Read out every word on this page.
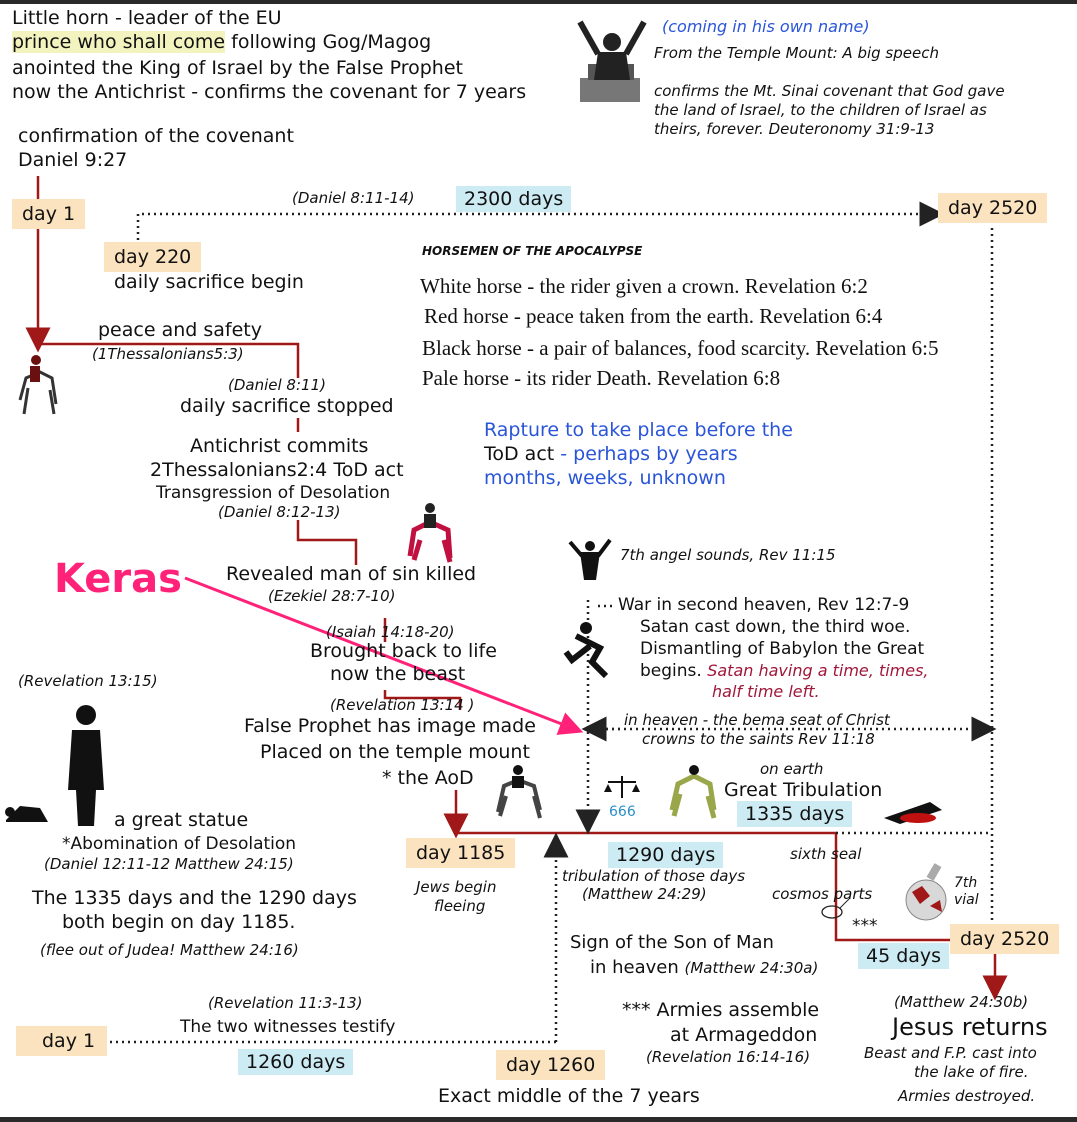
Little horn - leader of the EU
prince who shall come following Gog/Magog
anointed the King of Israel by the False Prophet
now the Antichrist - confirms the covenant for 7 years
(coming in his own name)
From the Temple Mount: A big speech
confirms the Mt. Sinai covenant that God gave
the land of Israel, to the children of Israel as
theirs, forever. Deuteronomy 31:9-13
confirmation of the covenant
Daniel 9:27
day 1
(Daniel 8:11-14)	2300 days	day 2520
day 220
daily sacrifice begin
HORSEMEN OF THE APOCALYPSE
White horse - the rider given a crown. Revelation 6:2
Red horse - peace taken from the earth. Revelation 6:4
Black horse - a pair of balances, food scarcity. Revelation 6:5
Pale horse - its rider Death. Revelation 6:8
peace and safety
(1Thessalonians5:3)
(Daniel 8:11)
daily sacrifice stopped
Antichrist commits
2Thessalonians2:4 ToD act
Transgression of Desolation
(Daniel 8:12-13)
Rapture to take place before the
ToD act - perhaps by years
months, weeks, unknown
7th angel sounds, Rev 11:15
War in second heaven, Rev 12:7-9
Satan cast down, the third woe.
Dismantling of Babylon the Great
begins. Satan having a time, times,
half time left.
in heaven - the bema seat of Christ
crowns to the saints Rev 11:18
Keras Revealed man of sin killed
(Ezekiel 28:7-10)
(Isaiah 14:18-20)
Brought back to life
now the beast
(Revelation 13:14 )
False Prophet has image made
Placed on the temple mount
* the AoD
(Revelation 13:15)
a great statue
*Abomination of Desolation
(Daniel 12:11-12 Matthew 24:15)
The 1335 days and the 1290 days
both begin on day 1185.
(flee out of Judea! Matthew 24:16)
on earth
Great Tribulation
1335 days
666
day 1185	1290 days	sixth seal
Jews begin
fleeing
tribulation of those days
(Matthew 24:29)	cosmos parts
7th
vial
***
day 2520
45 days
Sign of the Son of Man
in heaven (Matthew 24:30a)
*** Armies assemble
at Armageddon
(Revelation 16:14-16)
(Matthew 24:30b)
Jesus returns
Beast and F.P. cast into
the lake of fire.
Armies destroyed.
(Revelation 11:3-13)
The two witnesses testify
day 1
1260 days	day 1260
Exact middle of the 7 years
